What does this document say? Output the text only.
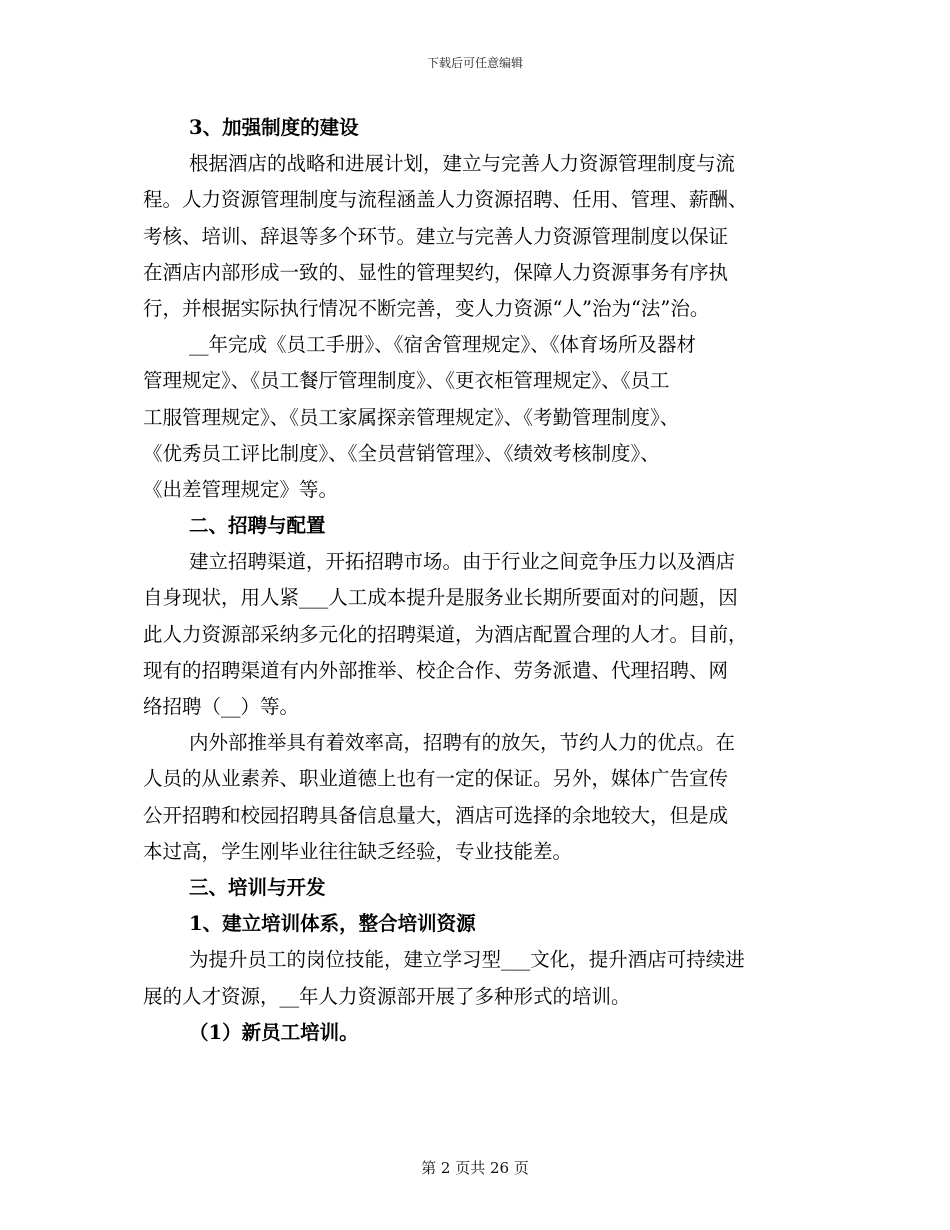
下载后可任意编辑
3、加强制度的建设
根据酒店的战略和进展计划，建立与完善人力资源管理制度与流
程。人力资源管理制度与流程涵盖人力资源招聘、任用、管理、薪酬、
考核、培训、辞退等多个环节。建立与完善人力资源管理制度以保证
在酒店内部形成一致的、显性的管理契约，保障人力资源事务有序执
行，并根据实际执行情况不断完善，变人力资源“人”治为“法”治。
__年完成《员工手册》、《宿舍管理规定》、《体育场所及器材
管理规定》、《员工餐厅管理制度》、《更衣柜管理规定》、《员工
工服管理规定》、《员工家属探亲管理规定》、《考勤管理制度》、
《优秀员工评比制度》、《全员营销管理》、《绩效考核制度》、
《出差管理规定》等。
二、招聘与配置
建立招聘渠道，开拓招聘市场。由于行业之间竞争压力以及酒店
自身现状，用人紧___人工成本提升是服务业长期所要面对的问题，因
此人力资源部采纳多元化的招聘渠道，为酒店配置合理的人才。目前，
现有的招聘渠道有内外部推举、校企合作、劳务派遣、代理招聘、网
络招聘（__）等。
内外部推举具有着效率高，招聘有的放矢，节约人力的优点。在
人员的从业素养、职业道德上也有一定的保证。另外，媒体广告宣传
公开招聘和校园招聘具备信息量大，酒店可选择的余地较大，但是成
本过高，学生刚毕业往往缺乏经验，专业技能差。
三、培训与开发
1、建立培训体系，整合培训资源
为提升员工的岗位技能，建立学习型___文化，提升酒店可持续进
展的人才资源，__年人力资源部开展了多种形式的培训。
（1）新员工培训。
第 2 页共 26 页
